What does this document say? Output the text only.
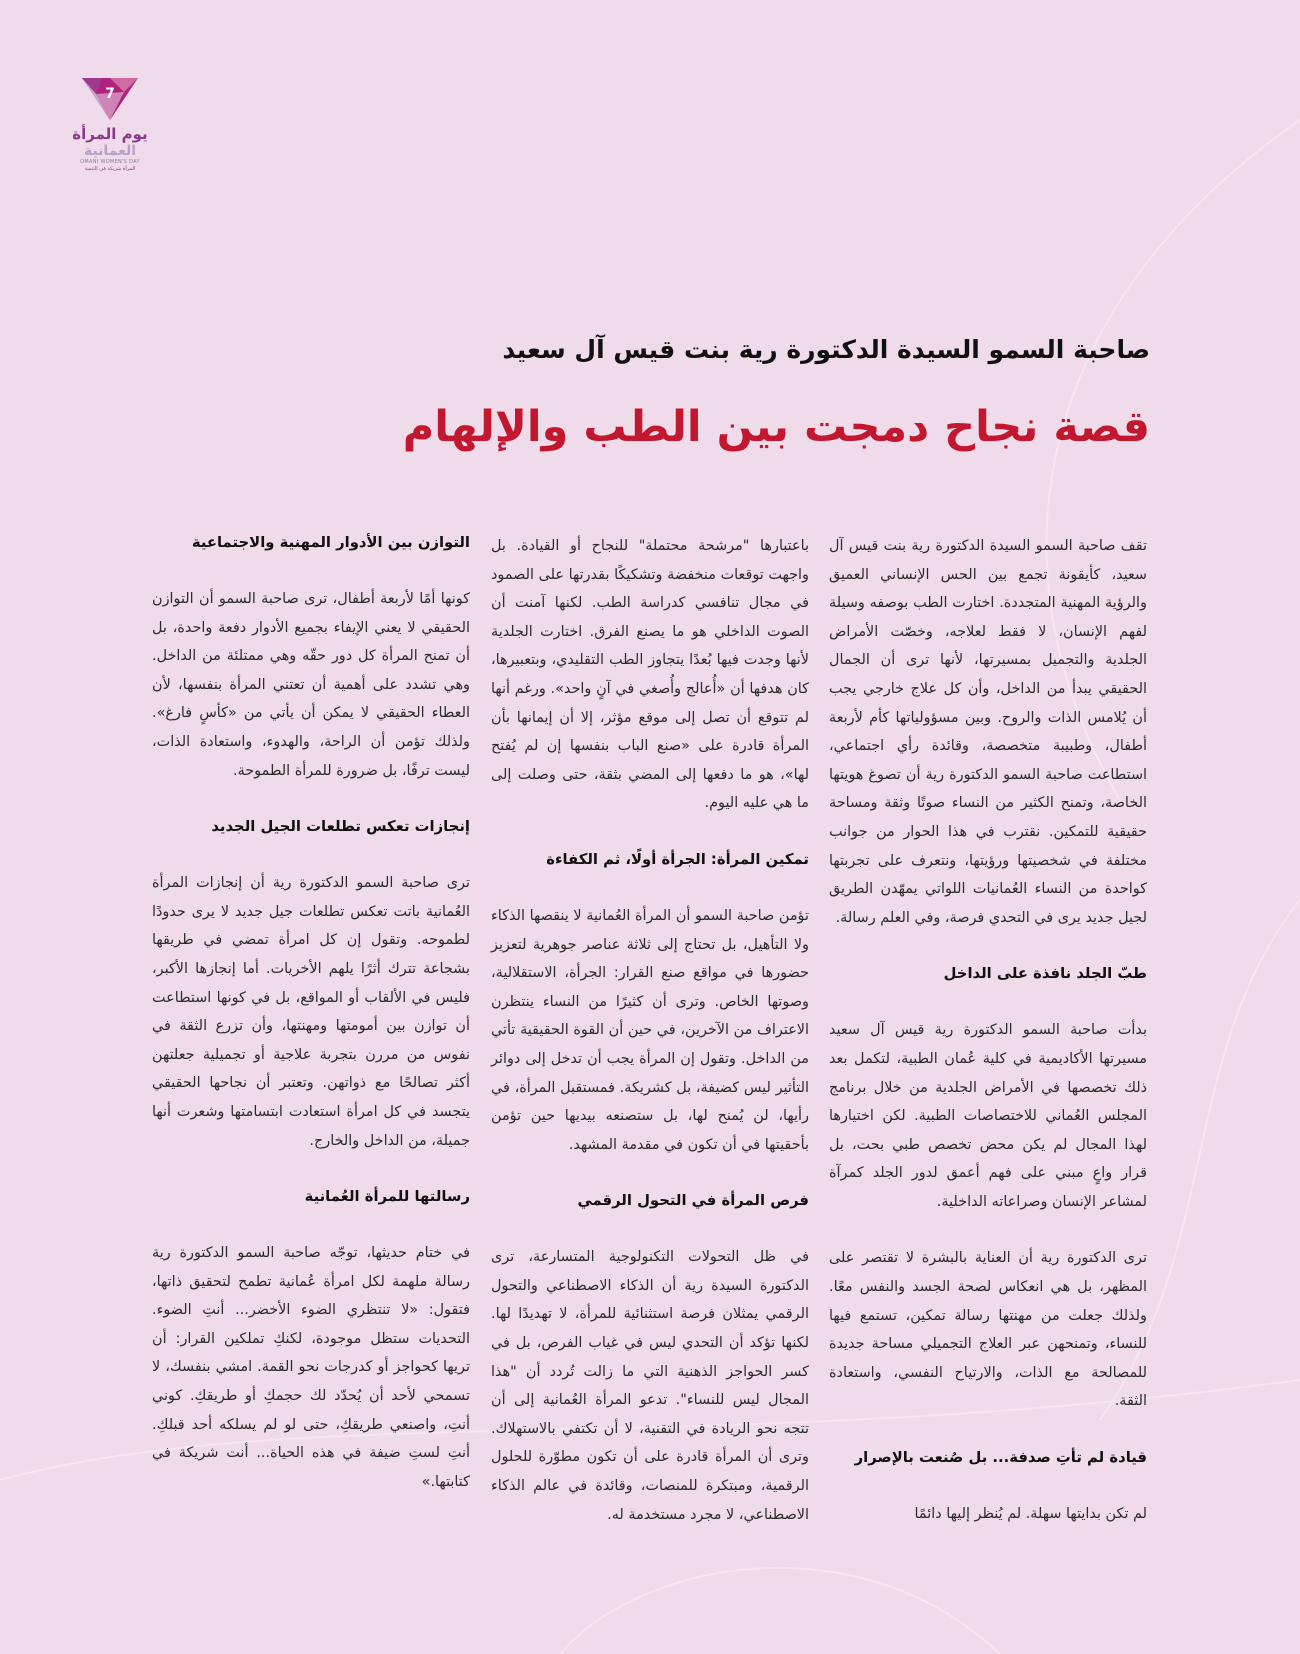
7
يوم المرأة
العمانية
OMANI WOMEN'S DAY
المرأة شريكة في التنمية
صاحبة السمو السيدة الدكتورة رية بنت قيس آل سعيد
قصة نجاح دمجت بين الطب والإلهام

تقف صاحبة السمو السيدة الدكتورة رية بنت قيس آل سعيد، كأيقونة تجمع بين الحس الإنساني العميق والرؤية المهنية المتجددة. اختارت الطب بوصفه وسيلة لفهم الإنسان، لا فقط لعلاجه، وخصّت الأمراض الجلدية والتجميل بمسيرتها، لأنها ترى أن الجمال الحقيقي يبدأ من الداخل، وأن كل علاج خارجي يجب أن يُلامس الذات والروح. وبين مسؤولياتها كأم لأربعة أطفال، وطبيبة متخصصة، وقائدة رأي اجتماعي، استطاعت صاحبة السمو الدكتورة رية أن تصوغ هويتها الخاصة، وتمنح الكثير من النساء صوتًا وثقة ومساحة حقيقية للتمكين. نقترب في هذا الحوار من جوانب مختلفة في شخصيتها ورؤيتها، ونتعرف على تجربتها كواحدة من النساء العُمانيات اللواتي يمهّدن الطريق لجيل جديد يرى في التحدي فرصة، وفي العلم رسالة.

طبّ الجلد نافذة على الداخل

بدأت صاحبة السمو الدكتورة رية قيس آل سعيد مسيرتها الأكاديمية في كلية عُمان الطبية، لتكمل بعد ذلك تخصصها في الأمراض الجلدية من خلال برنامج المجلس العُماني للاختصاصات الطبية. لكن اختيارها لهذا المجال لم يكن محض تخصص طبي بحت، بل قرار واعٍ مبني على فهم أعمق لدور الجلد كمرآة لمشاعر الإنسان وصراعاته الداخلية.

ترى الدكتورة رية أن العناية بالبشرة لا تقتصر على المظهر، بل هي انعكاس لصحة الجسد والنفس معًا. ولذلك جعلت من مهنتها رسالة تمكين، تستمع فيها للنساء، وتمنحهن عبر العلاج التجميلي مساحة جديدة للمصالحة مع الذات، والارتياح النفسي، واستعادة الثقة.

قيادة لم تأتِ صدفة... بل صُنعت بالإصرار

لم تكن بدايتها سهلة. لم يُنظر إليها دائمًا

باعتبارها "مرشحة محتملة" للنجاح أو القيادة. بل واجهت توقعات منخفضة وتشكيكًا بقدرتها على الصمود في مجال تنافسي كدراسة الطب. لكنها آمنت أن الصوت الداخلي هو ما يصنع الفرق. اختارت الجلدية لأنها وجدت فيها بُعدًا يتجاوز الطب التقليدي، وبتعبيرها، كان هدفها أن «أُعالج وأُصغي في آنٍ واحد». ورغم أنها لم تتوقع أن تصل إلى موقع مؤثر، إلا أن إيمانها بأن المرأة قادرة على «صنع الباب بنفسها إن لم يُفتح لها»، هو ما دفعها إلى المضي بثقة، حتى وصلت إلى ما هي عليه اليوم.

تمكين المرأة: الجرأة أولًا، ثم الكفاءة

تؤمن صاحبة السمو أن المرأة العُمانية لا ينقصها الذكاء ولا التأهيل، بل تحتاج إلى ثلاثة عناصر جوهرية لتعزيز حضورها في مواقع صنع القرار: الجرأة، الاستقلالية، وصوتها الخاص. وترى أن كثيرًا من النساء ينتظرن الاعتراف من الآخرين، في حين أن القوة الحقيقية تأتي من الداخل. وتقول إن المرأة يجب أن تدخل إلى دوائر التأثير ليس كضيفة، بل كشريكة. فمستقبل المرأة، في رأيها، لن يُمنح لها، بل ستصنعه بيديها حين تؤمن بأحقيتها في أن تكون في مقدمة المشهد.

فرص المرأة في التحول الرقمي

في ظل التحولات التكنولوجية المتسارعة، ترى الدكتورة السيدة رية أن الذكاء الاصطناعي والتحول الرقمي يمثلان فرصة استثنائية للمرأة، لا تهديدًا لها. لكنها تؤكد أن التحدي ليس في غياب الفرص، بل في كسر الحواجز الذهنية التي ما زالت تُردد أن "هذا المجال ليس للنساء". تدعو المرأة العُمانية إلى أن تتجه نحو الريادة في التقنية، لا أن تكتفي بالاستهلاك. وترى أن المرأة قادرة على أن تكون مطوّرة للحلول الرقمية، ومبتكرة للمنصات، وقائدة في عالم الذكاء الاصطناعي، لا مجرد مستخدمة له.

التوازن بين الأدوار المهنية والاجتماعية

كونها أمًا لأربعة أطفال، ترى صاحبة السمو أن التوازن الحقيقي لا يعني الإيفاء بجميع الأدوار دفعة واحدة، بل أن تمنح المرأة كل دور حقّه وهي ممتلئة من الداخل. وهي تشدد على أهمية أن تعتني المرأة بنفسها، لأن العطاء الحقيقي لا يمكن أن يأتي من «كأسٍ فارغ». ولذلك تؤمن أن الراحة، والهدوء، واستعادة الذات، ليست ترفًا، بل ضرورة للمرأة الطموحة.

إنجازات تعكس تطلعات الجيل الجديد

ترى صاحبة السمو الدكتورة رية أن إنجازات المرأة العُمانية باتت تعكس تطلعات جيل جديد لا يرى حدودًا لطموحه. وتقول إن كل امرأة تمضي في طريقها بشجاعة تترك أثرًا يلهم الأخريات. أما إنجازها الأكبر، فليس في الألقاب أو المواقع، بل في كونها استطاعت أن توازن بين أمومتها ومهنتها، وأن تزرع الثقة في نفوس من مررن بتجربة علاجية أو تجميلية جعلتهن أكثر تصالحًا مع ذواتهن. وتعتبر أن نجاحها الحقيقي يتجسد في كل امرأة استعادت ابتسامتها وشعرت أنها جميلة، من الداخل والخارج.

رسالتها للمرأة العُمانية

في ختام حديثها، توجّه صاحبة السمو الدكتورة رية رسالة ملهمة لكل امرأة عُمانية تطمح لتحقيق ذاتها، فتقول: «لا تنتظري الضوء الأخضر... أنتِ الضوء. التحديات ستظل موجودة، لكنكِ تملكين القرار: أن تريها كحواجز أو كدرجات نحو القمة. امشي بنفسك، لا تسمحي لأحد أن يُحدّد لك حجمكِ أو طريقكِ. كوني أنتِ، واصنعي طريقكِ، حتى لو لم يسلكه أحد قبلكِ. أنتِ لستِ ضيفة في هذه الحياة... أنت شريكة في كتابتها.»
